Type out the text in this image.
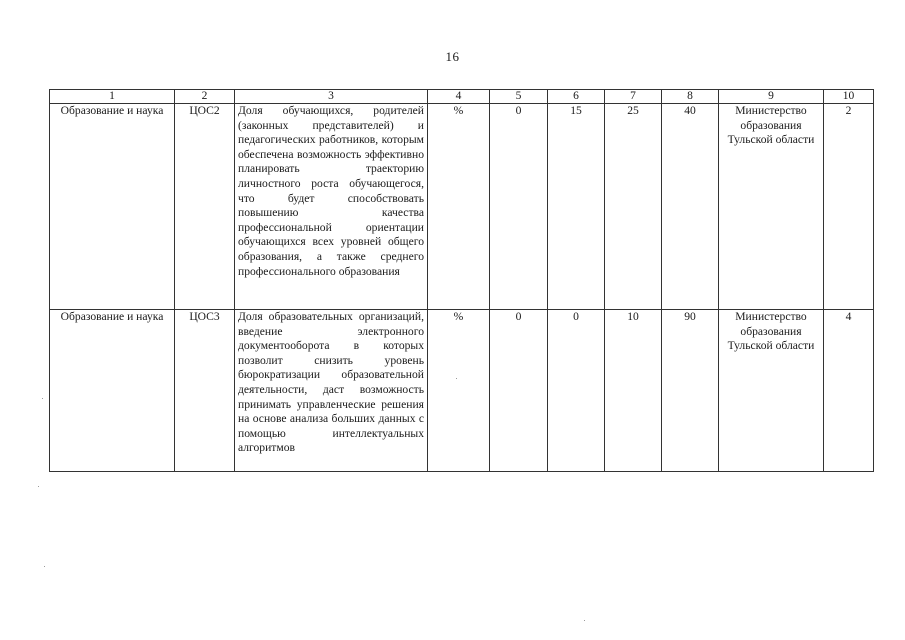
16
1	2	3	4	5	6	7	8	9	10
Образование и наука	ЦОС2	Доля обучающихся, родителей (законных представителей) и педагогических работников, которым обеспечена возможность эффективно планировать траекторию личностного роста обучающегося, что будет способствовать повышению качества профессиональной ориентации обучающихся всех уровней общего образования, а также среднего профессионального образования	%	0	15	25	40	Министерство образования Тульской области	2
Образование и наука	ЦОС3	Доля образовательных организаций, введение электронного документооборота в которых позволит снизить уровень бюрократизации образовательной деятельности, даст возможность принимать управленческие решения на основе анализа больших данных с помощью интеллектуальных алгоритмов	%	0	0	10	90	Министерство образования Тульской области	4
